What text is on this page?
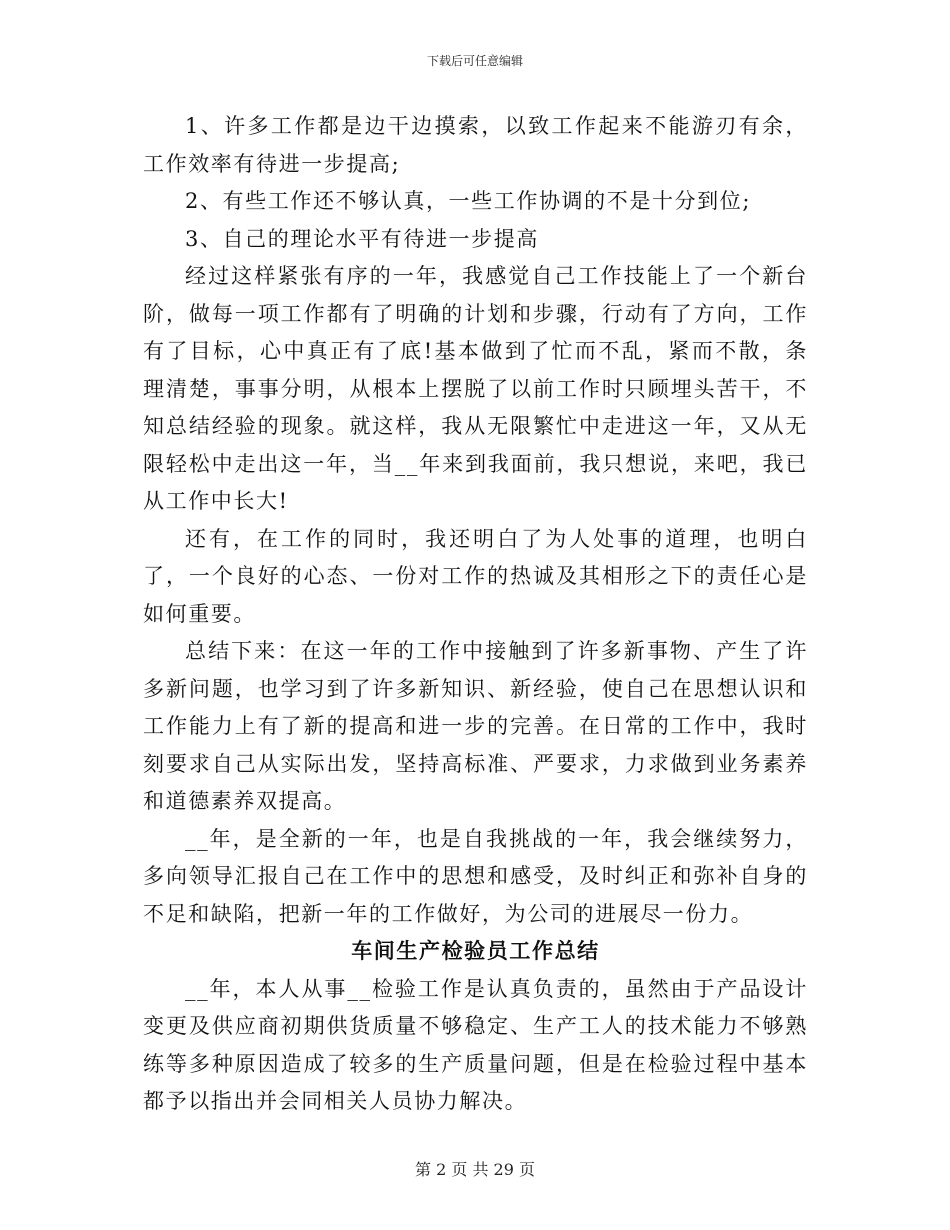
下载后可任意编辑

1、许多工作都是边干边摸索，以致工作起来不能游刃有余，工作效率有待进一步提高;

2、有些工作还不够认真，一些工作协调的不是十分到位;

3、自己的理论水平有待进一步提高

经过这样紧张有序的一年，我感觉自己工作技能上了一个新台阶，做每一项工作都有了明确的计划和步骤，行动有了方向，工作有了目标，心中真正有了底!基本做到了忙而不乱，紧而不散，条理清楚，事事分明，从根本上摆脱了以前工作时只顾埋头苦干，不知总结经验的现象。就这样，我从无限繁忙中走进这一年，又从无限轻松中走出这一年，当__年来到我面前，我只想说，来吧，我已从工作中长大!

还有，在工作的同时，我还明白了为人处事的道理，也明白了，一个良好的心态、一份对工作的热诚及其相形之下的责任心是如何重要。

总结下来：在这一年的工作中接触到了许多新事物、产生了许多新问题，也学习到了许多新知识、新经验，使自己在思想认识和工作能力上有了新的提高和进一步的完善。在日常的工作中，我时刻要求自己从实际出发，坚持高标准、严要求，力求做到业务素养和道德素养双提高。

__年，是全新的一年，也是自我挑战的一年，我会继续努力，多向领导汇报自己在工作中的思想和感受，及时纠正和弥补自身的不足和缺陷，把新一年的工作做好，为公司的进展尽一份力。

车间生产检验员工作总结

__年，本人从事__检验工作是认真负责的，虽然由于产品设计变更及供应商初期供货质量不够稳定、生产工人的技术能力不够熟练等多种原因造成了较多的生产质量问题，但是在检验过程中基本都予以指出并会同相关人员协力解决。

第 2 页 共 29 页
